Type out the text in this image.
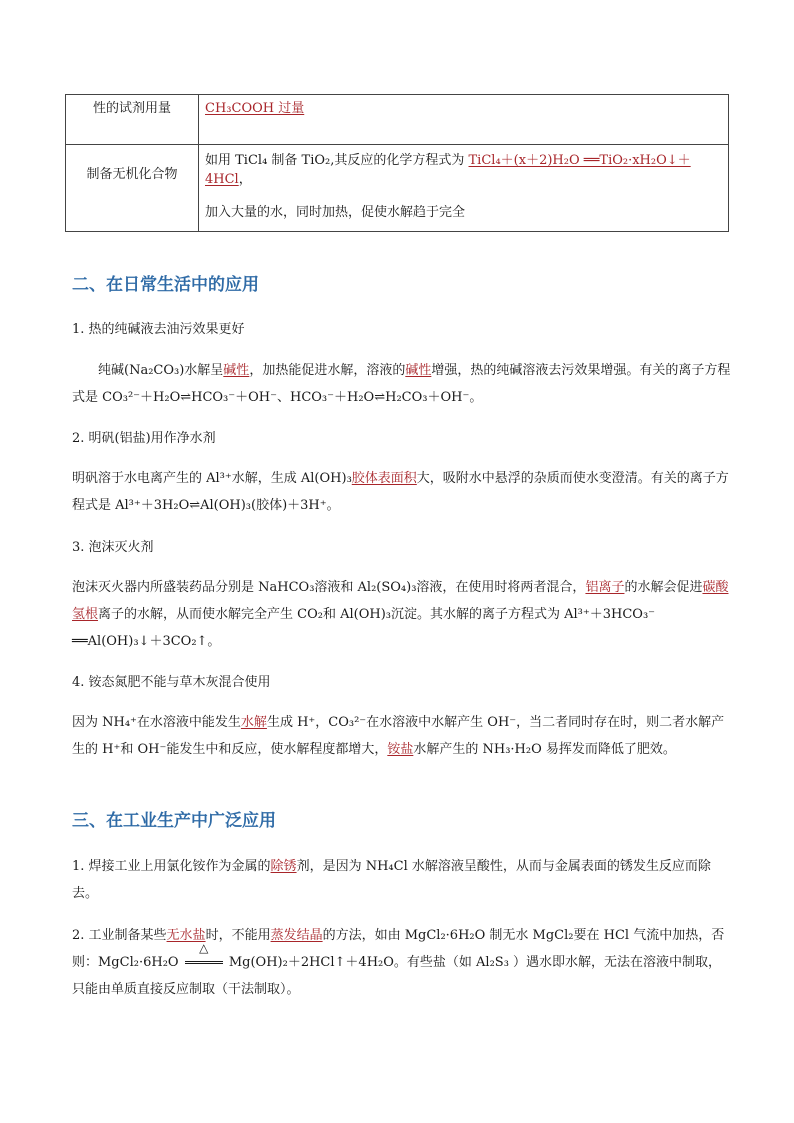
性的试剂用量	CH₃COOH 过量

制备无机化合物	如用 TiCl₄ 制备 TiO₂,其反应的化学方程式为 TiCl₄＋(x＋2)H₂O ══TiO₂·xH₂O↓＋4HCl，
加入大量的水，同时加热，促使水解趋于完全
二、在日常生活中的应用
1. 热的纯碱液去油污效果更好
纯碱(Na₂CO₃)水解呈碱性，加热能促进水解，溶液的碱性增强，热的纯碱溶液去污效果增强。有关的离子方程式是 CO₃²⁻＋H₂O⇌HCO₃⁻＋OH⁻、HCO₃⁻＋H₂O⇌H₂CO₃＋OH⁻。
2. 明矾(铝盐)用作净水剂
明矾溶于水电离产生的 Al³⁺水解，生成 Al(OH)₃胶体表面积大，吸附水中悬浮的杂质而使水变澄清。有关的离子方程式是 Al³⁺＋3H₂O⇌Al(OH)₃(胶体)＋3H⁺。
3. 泡沫灭火剂
泡沫灭火器内所盛装药品分别是 NaHCO₃溶液和 Al₂(SO₄)₃溶液，在使用时将两者混合，铝离子的水解会促进碳酸氢根离子的水解，从而使水解完全产生 CO₂和 Al(OH)₃沉淀。其水解的离子方程式为 Al³⁺＋3HCO₃⁻ ══Al(OH)₃↓＋3CO₂↑。
4. 铵态氮肥不能与草木灰混合使用
因为 NH₄⁺在水溶液中能发生水解生成 H⁺，CO₃²⁻在水溶液中水解产生 OH⁻，当二者同时存在时，则二者水解产生的 H⁺和 OH⁻能发生中和反应，使水解程度都增大，铵盐水解产生的 NH₃·H₂O 易挥发而降低了肥效。
三、在工业生产中广泛应用
1. 焊接工业上用氯化铵作为金属的除锈剂，是因为 NH₄Cl 水解溶液呈酸性，从而与金属表面的锈发生反应而除去。
2. 工业制备某些无水盐时，不能用蒸发结晶的方法，如由 MgCl₂·6H₂O 制无水 MgCl₂要在 HCl 气流中加热，否则：MgCl₂·6H₂O
△
Mg(OH)₂＋2HCl↑＋4H₂O。有些盐（如 Al₂S₃ ）遇水即水解，无法在溶液中制取，只能由单质直接反应制取（干法制取）。
